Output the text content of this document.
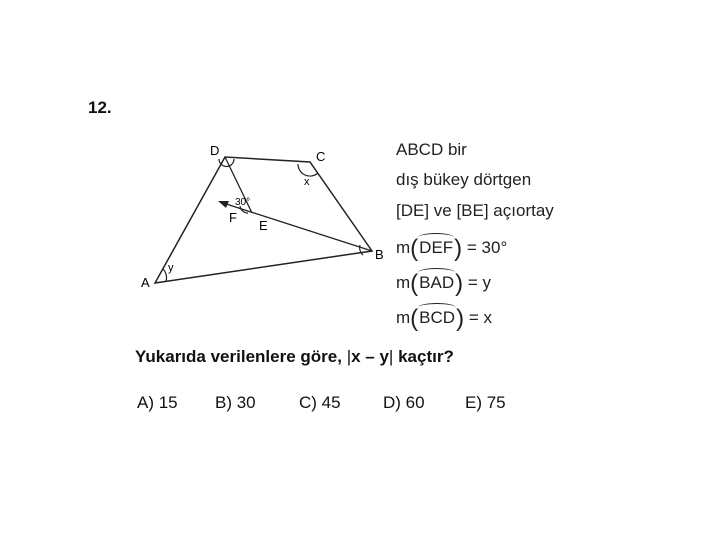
12.
D	C
x
30°
F
E
B
y
A
ABCD bir
dış bükey dörtgen
[DE] ve [BE] açıortay
m(DEF) = 30°
m(BAD) = y
m(BCD) = x
Yukarıda verilenlere göre, |x – y| kaçtır?
A) 15 B) 30	C) 45 D) 60 E) 75
